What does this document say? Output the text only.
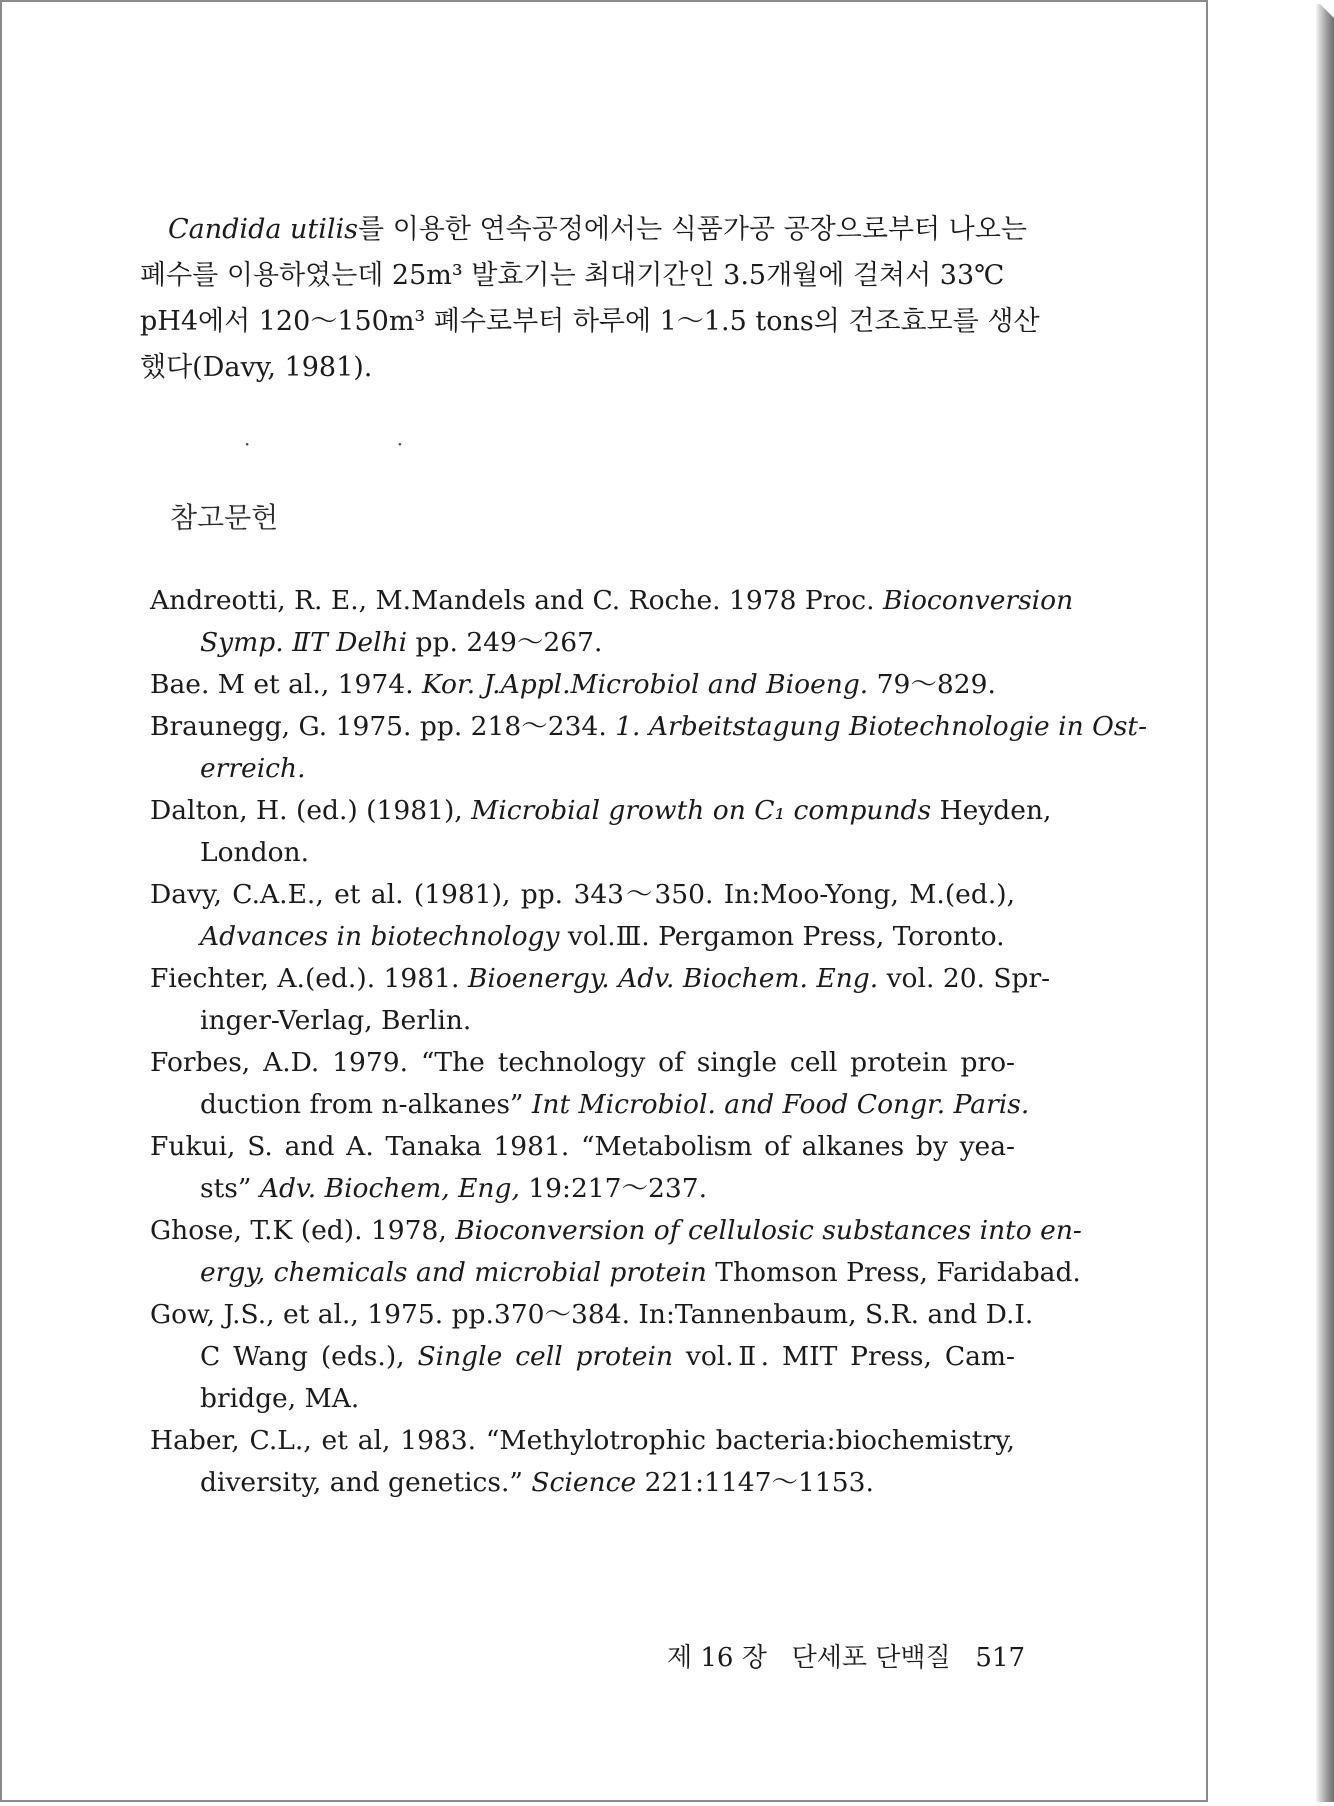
Candida utilis를 이용한 연속공정에서는 식품가공 공장으로부터 나오는
폐수를 이용하였는데 25m³ 발효기는 최대기간인 3.5개월에 걸쳐서 33℃
pH4에서 120～150m³ 폐수로부터 하루에 1～1.5 tons의 건조효모를 생산
했다(Davy, 1981).
· ·
참고문헌
Andreotti, R. E., M.Mandels and C. Roche. 1978 Proc. Bioconversion
Symp. ⅡT Delhi pp. 249～267.
Bae. M et al., 1974. Kor. J.Appl.Microbiol and Bioeng. 79～829.
Braunegg, G. 1975. pp. 218～234. 1. Arbeitstagung Biotechnologie in Ost-
erreich.
Dalton, H. (ed.) (1981), Microbial growth on C₁ compunds Heyden,
London.
Davy, C.A.E., et al. (1981), pp. 343～350. In:Moo-Yong, M.(ed.),
Advances in biotechnology vol.Ⅲ. Pergamon Press, Toronto.
Fiechter, A.(ed.). 1981. Bioenergy. Adv. Biochem. Eng. vol. 20. Spr-
inger-Verlag, Berlin.
Forbes, A.D. 1979. “The technology of single cell protein pro-
duction from n-alkanes” Int Microbiol. and Food Congr. Paris.
Fukui, S. and A. Tanaka 1981. “Metabolism of alkanes by yea-
sts” Adv. Biochem, Eng, 19:217～237.
Ghose, T.K (ed). 1978, Bioconversion of cellulosic substances into en-
ergy, chemicals and microbial protein Thomson Press, Faridabad.
Gow, J.S., et al., 1975. pp.370～384. In:Tannenbaum, S.R. and D.I.
C Wang (eds.), Single cell protein vol.Ⅱ. MIT Press, Cam-
bridge, MA.
Haber, C.L., et al, 1983. “Methylotrophic bacteria:biochemistry,
diversity, and genetics.” Science 221:1147～1153.
제 16 장 단세포 단백질 517
